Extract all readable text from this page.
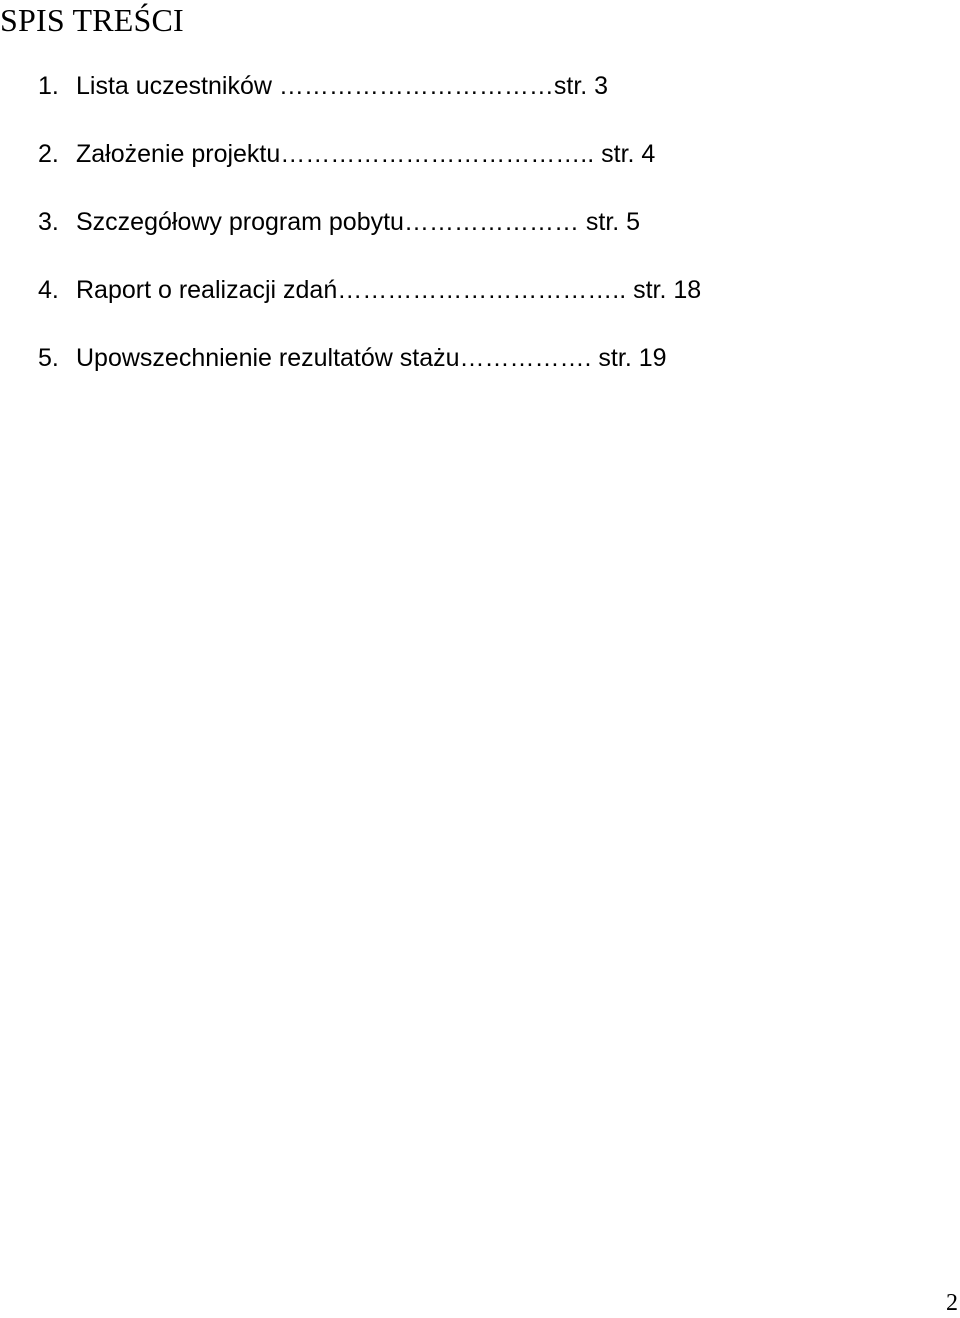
SPIS TREŚCI
1. Lista uczestników ……………………………str. 3
2. Założenie projektu……………………………….. str. 4
3. Szczegółowy program pobytu………………… str. 5
4. Raport o realizacji zdań…………………………….. str. 18
5. Upowszechnienie rezultatów stażu……………. str. 19
2
